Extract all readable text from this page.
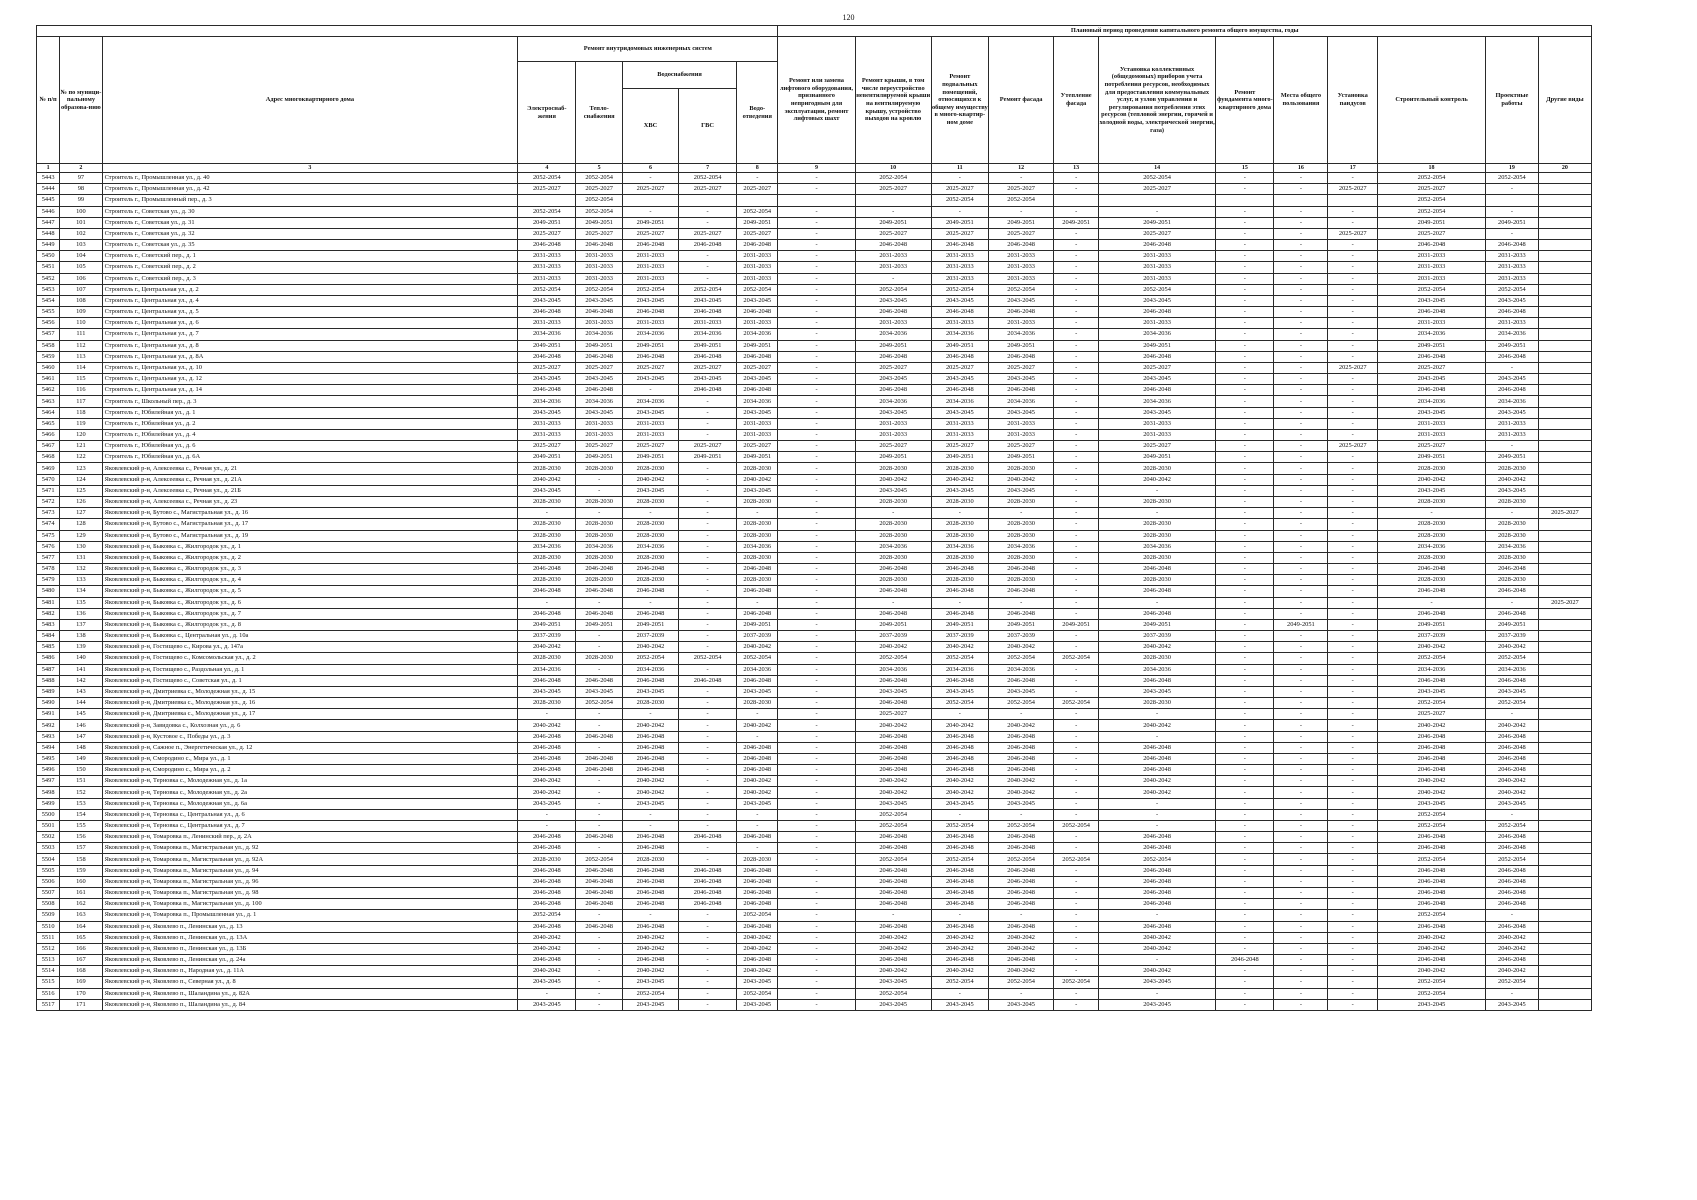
120
								Плановый период проведения капитального ремонта общего имущества, годы											
№ п/п	№ по муници-пальному образова-нию	Адрес многоквартирного дома	Ремонт внутридомовых инженерных систем					Ремонт или замена лифтового оборудования, признанного непригодным для эксплуатации, ремонт лифтовых шахт	Ремонт крыши, в том числе переустройство невентилируемой крыши на вентилируемую крышу, устройство выходов на кровлю	Ремонт подвальных помещений, относящихся к общему имуществу в много-квартир-ном доме	Ремонт фасада	Утепление фасада	Установка коллективных (общедомовых) приборов учета потребления ресурсов, необходимых для предоставления коммунальных услуг, и узлов управления и регулирования потребления этих ресурсов (тепловой энергии, горячей и холодной воды, электрической энергии, газа)	Ремонт фундамента много-квартирного дома	Места общего пользования	Установка пандусов	Строительный контроль	Проектные работы	Другие виды
			Электроснаб-жения	Тепло-снабжения	Водоснабжения		Водо-отведения												
					ХВС	ГВС													
1	2	3	4	5	6	7	8	9	10	11	12	13	14	15	16	17	18	19	20
5443	97	Строитель г., Промышленная ул., д. 40	2052-2054	2052-2054	-	2052-2054	-	-	2052-2054	-	-	-	2052-2054	-	-	-	2052-2054	2052-2054	
5444	98	Строитель г., Промышленная ул., д. 42	2025-2027	2025-2027	2025-2027	2025-2027	2025-2027	-	2025-2027	2025-2027	2025-2027	-	2025-2027	-	-	2025-2027	2025-2027	-	
5445	99	Строитель г., Промышленный пер., д. 3		2052-2054						2052-2054	2052-2054						2052-2054		
5446	100	Строитель г., Советская ул., д. 30	2052-2054	2052-2054	-	-	2052-2054	-	-	-	-	-	-	-	-	-	2052-2054	-	
5447	101	Строитель г., Советская ул., д. 31	2049-2051	2049-2051	2049-2051	-	2049-2051	-	2049-2051	2049-2051	2049-2051	2049-2051	2049-2051	-	-	-	2049-2051	2049-2051	
5448	102	Строитель г., Советская ул., д. 32	2025-2027	2025-2027	2025-2027	2025-2027	2025-2027	-	2025-2027	2025-2027	2025-2027	-	2025-2027	-	-	2025-2027	2025-2027	-	
5449	103	Строитель г., Советская ул., д. 35	2046-2048	2046-2048	2046-2048	2046-2048	2046-2048	-	2046-2048	2046-2048	2046-2048	-	2046-2048	-	-	-	2046-2048	2046-2048	
5450	104	Строитель г., Советский пер., д. 1	2031-2033	2031-2033	2031-2033	-	2031-2033	-	2031-2033	2031-2033	2031-2033	-	2031-2033	-	-	-	2031-2033	2031-2033	
5451	105	Строитель г., Советский пер., д. 2	2031-2033	2031-2033	2031-2033	-	2031-2033	-	2031-2033	2031-2033	2031-2033	-	2031-2033	-	-	-	2031-2033	2031-2033	
5452	106	Строитель г., Советский пер., д. 3	2031-2033	2031-2033	2031-2033	-	2031-2033	-	-	2031-2033	2031-2033	-	2031-2033	-	-	-	2031-2033	2031-2033	
5453	107	Строитель г., Центральная ул., д. 2	2052-2054	2052-2054	2052-2054	2052-2054	2052-2054	-	2052-2054	2052-2054	2052-2054	-	2052-2054	-	-	-	2052-2054	2052-2054	
5454	108	Строитель г., Центральная ул., д. 4	2043-2045	2043-2045	2043-2045	2043-2045	2043-2045	-	2043-2045	2043-2045	2043-2045	-	2043-2045	-	-	-	2043-2045	2043-2045	
5455	109	Строитель г., Центральная ул., д. 5	2046-2048	2046-2048	2046-2048	2046-2048	2046-2048	-	2046-2048	2046-2048	2046-2048	-	2046-2048	-	-	-	2046-2048	2046-2048	
5456	110	Строитель г., Центральная ул., д. 6	2031-2033	2031-2033	2031-2033	2031-2033	2031-2033	-	2031-2033	2031-2033	2031-2033	-	2031-2033	-	-	-	2031-2033	2031-2033	
5457	111	Строитель г., Центральная ул., д. 7	2034-2036	2034-2036	2034-2036	2034-2036	2034-2036	-	2034-2036	2034-2036	2034-2036	-	2034-2036	-	-	-	2034-2036	2034-2036	
5458	112	Строитель г., Центральная ул., д. 8	2049-2051	2049-2051	2049-2051	2049-2051	2049-2051	-	2049-2051	2049-2051	2049-2051	-	2049-2051	-	-	-	2049-2051	2049-2051	
5459	113	Строитель г., Центральная ул., д. 8А	2046-2048	2046-2048	2046-2048	2046-2048	2046-2048	-	2046-2048	2046-2048	2046-2048	-	2046-2048	-	-	-	2046-2048	2046-2048	
5460	114	Строитель г., Центральная ул., д. 10	2025-2027	2025-2027	2025-2027	2025-2027	2025-2027	-	2025-2027	2025-2027	2025-2027	-	2025-2027	-	-	2025-2027	2025-2027	-	
5461	115	Строитель г., Центральная ул., д. 12	2043-2045	2043-2045	2043-2045	2043-2045	2043-2045	-	2043-2045	2043-2045	2043-2045	-	2043-2045	-	-	-	2043-2045	2043-2045	
5462	116	Строитель г., Центральная ул., д. 14	2046-2048	2046-2048	-	2046-2048	2046-2048	-	2046-2048	2046-2048	2046-2048	-	2046-2048	-	-	-	2046-2048	2046-2048	
5463	117	Строитель г., Школьный пер., д. 3	2034-2036	2034-2036	2034-2036	-	2034-2036	-	2034-2036	2034-2036	2034-2036	-	2034-2036	-	-	-	2034-2036	2034-2036	
5464	118	Строитель г., Юбилейная ул., д. 1	2043-2045	2043-2045	2043-2045	-	2043-2045	-	2043-2045	2043-2045	2043-2045	-	2043-2045	-	-	-	2043-2045	2043-2045	
5465	119	Строитель г., Юбилейная ул., д. 2	2031-2033	2031-2033	2031-2033	-	2031-2033	-	2031-2033	2031-2033	2031-2033	-	2031-2033	-	-	-	2031-2033	2031-2033	
5466	120	Строитель г., Юбилейная ул., д. 4	2031-2033	2031-2033	2031-2033	-	2031-2033	-	2031-2033	2031-2033	2031-2033	-	2031-2033	-	-	-	2031-2033	2031-2033	
5467	121	Строитель г., Юбилейная ул., д. 6	2025-2027	2025-2027	2025-2027	2025-2027	2025-2027	-	2025-2027	2025-2027	2025-2027	-	2025-2027	-	-	2025-2027	2025-2027	-	
5468	122	Строитель г., Юбилейная ул., д. 6А	2049-2051	2049-2051	2049-2051	2049-2051	2049-2051	-	2049-2051	2049-2051	2049-2051	-	2049-2051	-	-	-	2049-2051	2049-2051	
5469	123	Яковлевский р-н, Алексеевка с., Речная ул., д. 21	2028-2030	2028-2030	2028-2030	-	2028-2030	-	2028-2030	2028-2030	2028-2030	-	2028-2030	-	-	-	2028-2030	2028-2030	
5470	124	Яковлевский р-н, Алексеевка с., Речная ул., д. 21А	2040-2042	-	2040-2042	-	2040-2042	-	2040-2042	2040-2042	2040-2042	-	2040-2042	-	-	-	2040-2042	2040-2042	
5471	125	Яковлевский р-н, Алексеевка с., Речная ул., д. 21Б	2043-2045	-	2043-2045	-	2043-2045	-	2043-2045	2043-2045	2043-2045	-	-	-	-	-	2043-2045	2043-2045	
5472	126	Яковлевский р-н, Алексеевка с., Речная ул., д. 23	2028-2030	2028-2030	2028-2030	-	2028-2030	-	2028-2030	2028-2030	2028-2030	-	2028-2030	-	-	-	2028-2030	2028-2030	
5473	127	Яковлевский р-н, Бутово с., Магистральная ул., д. 16	-	-	-	-	-	-	-	-	-	-	-	-	-	-	-	-	2025-2027
5474	128	Яковлевский р-н, Бутово с., Магистральная ул., д. 17	2028-2030	2028-2030	2028-2030	-	2028-2030	-	2028-2030	2028-2030	2028-2030	-	2028-2030	-	-	-	2028-2030	2028-2030	
5475	129	Яковлевский р-н, Бутово с., Магистральная ул., д. 19	2028-2030	2028-2030	2028-2030	-	2028-2030	-	2028-2030	2028-2030	2028-2030	-	2028-2030	-	-	-	2028-2030	2028-2030	
5476	130	Яковлевский р-н, Быковка с., Жилгородок ул., д. 1	2034-2036	2034-2036	2034-2036	-	2034-2036	-	2034-2036	2034-2036	2034-2036	-	2034-2036	-	-	-	2034-2036	2034-2036	
5477	131	Яковлевский р-н, Быковка с., Жилгородок ул., д. 2	2028-2030	2028-2030	2028-2030	-	2028-2030	-	2028-2030	2028-2030	2028-2030	-	2028-2030	-	-	-	2028-2030	2028-2030	
5478	132	Яковлевский р-н, Быковка с., Жилгородок ул., д. 3	2046-2048	2046-2048	2046-2048	-	2046-2048	-	2046-2048	2046-2048	2046-2048	-	2046-2048	-	-	-	2046-2048	2046-2048	
5479	133	Яковлевский р-н, Быковка с., Жилгородок ул., д. 4	2028-2030	2028-2030	2028-2030	-	2028-2030	-	2028-2030	2028-2030	2028-2030	-	2028-2030	-	-	-	2028-2030	2028-2030	
5480	134	Яковлевский р-н, Быковка с., Жилгородок ул., д. 5	2046-2048	2046-2048	2046-2048	-	2046-2048	-	2046-2048	2046-2048	2046-2048	-	2046-2048	-	-	-	2046-2048	2046-2048	
5481	135	Яковлевский р-н, Быковка с., Жилгородок ул., д. 6	-	-	-	-	-	-	-	-	-	-	-	-	-	-	-	-	2025-2027
5482	136	Яковлевский р-н, Быковка с., Жилгородок ул., д. 7	2046-2048	2046-2048	2046-2048	-	2046-2048	-	2046-2048	2046-2048	2046-2048	-	2046-2048	-	-	-	2046-2048	2046-2048	
5483	137	Яковлевский р-н, Быковка с., Жилгородок ул., д. 8	2049-2051	2049-2051	2049-2051	-	2049-2051	-	2049-2051	2049-2051	2049-2051	2049-2051	2049-2051	-	2049-2051	-	2049-2051	2049-2051	
5484	138	Яковлевский р-н, Быковка с., Центральная ул., д. 10а	2037-2039	-	2037-2039	-	2037-2039	-	2037-2039	2037-2039	2037-2039	-	2037-2039	-	-	-	2037-2039	2037-2039	
5485	139	Яковлевский р-н, Гостищево с., Кирова ул., д. 147а	2040-2042	-	2040-2042	-	2040-2042	-	2040-2042	2040-2042	2040-2042	-	2040-2042	-	-	-	2040-2042	2040-2042	
5486	140	Яковлевский р-н, Гостищево с., Комсомольская ул., д. 2	2028-2030	2028-2030	2052-2054	2052-2054	2052-2054	-	2052-2054	2052-2054	2052-2054	2052-2054	2028-2030	-	-	-	2052-2054	2052-2054	
5487	141	Яковлевский р-н, Гостищево с., Раздольная ул., д. 1	2034-2036	-	2034-2036	-	2034-2036	-	2034-2036	2034-2036	2034-2036	-	2034-2036	-	-	-	2034-2036	2034-2036	
5488	142	Яковлевский р-н, Гостищево с., Советская ул., д. 1	2046-2048	2046-2048	2046-2048	2046-2048	2046-2048	-	2046-2048	2046-2048	2046-2048	-	2046-2048	-	-	-	2046-2048	2046-2048	
5489	143	Яковлевский р-н, Дмитриевка с., Молодежная ул., д. 15	2043-2045	2043-2045	2043-2045	-	2043-2045	-	2043-2045	2043-2045	2043-2045	-	2043-2045	-	-	-	2043-2045	2043-2045	
5490	144	Яковлевский р-н, Дмитриевка с., Молодежная ул., д. 16	2028-2030	2052-2054	2028-2030	-	2028-2030	-	2046-2048	2052-2054	2052-2054	2052-2054	2028-2030	-	-	-	2052-2054	2052-2054	
5491	145	Яковлевский р-н, Дмитриевка с., Молодежная ул., д. 17	-	-	-	-	-	-	2025-2027	-	-	-	-	-	-	-	2025-2027	-	
5492	146	Яковлевский р-н, Завидовка с., Колхозная ул., д. 6	2040-2042	-	2040-2042	-	2040-2042	-	2040-2042	2040-2042	2040-2042	-	2040-2042	-	-	-	2040-2042	2040-2042	
5493	147	Яковлевский р-н, Кустовое с., Победы ул., д. 3	2046-2048	2046-2048	2046-2048	-	-	-	2046-2048	2046-2048	2046-2048	-	-	-	-	-	2046-2048	2046-2048	
5494	148	Яковлевский р-н, Сажное п., Энергетическая ул., д. 12	2046-2048	-	2046-2048	-	2046-2048	-	2046-2048	2046-2048	2046-2048	-	2046-2048	-	-	-	2046-2048	2046-2048	
5495	149	Яковлевский р-н, Смородино с., Мира ул., д. 1	2046-2048	2046-2048	2046-2048	-	2046-2048	-	2046-2048	2046-2048	2046-2048	-	2046-2048	-	-	-	2046-2048	2046-2048	
5496	150	Яковлевский р-н, Смородино с., Мира ул., д. 2	2046-2048	2046-2048	2046-2048	-	2046-2048	-	2046-2048	2046-2048	2046-2048	-	2046-2048	-	-	-	2046-2048	2046-2048	
5497	151	Яковлевский р-н, Терновка с., Молодежная ул., д. 1а	2040-2042	-	2040-2042	-	2040-2042	-	2040-2042	2040-2042	2040-2042	-	2040-2042	-	-	-	2040-2042	2040-2042	
5498	152	Яковлевский р-н, Терновка с., Молодежная ул., д. 2а	2040-2042	-	2040-2042	-	2040-2042	-	2040-2042	2040-2042	2040-2042	-	2040-2042	-	-	-	2040-2042	2040-2042	
5499	153	Яковлевский р-н, Терновка с., Молодежная ул., д. 6а	2043-2045	-	2043-2045	-	2043-2045	-	2043-2045	2043-2045	2043-2045	-	-	-	-	-	2043-2045	2043-2045	
5500	154	Яковлевский р-н, Терновка с., Центральная ул., д. 6	-	-	-	-	-	-	2052-2054	-	-	-	-	-	-	-	2052-2054	-	
5501	155	Яковлевский р-н, Терновка с., Центральная ул., д. 7	-	-	-	-	-	-	2052-2054	2052-2054	2052-2054	2052-2054	-	-	-	-	2052-2054	2052-2054	
5502	156	Яковлевский р-н, Томаровка п., Ленинский пер., д. 2А	2046-2048	2046-2048	2046-2048	2046-2048	2046-2048	-	2046-2048	2046-2048	2046-2048	-	2046-2048	-	-	-	2046-2048	2046-2048	
5503	157	Яковлевский р-н, Томаровка п., Магистральная ул., д. 92	2046-2048	-	2046-2048	-	-	-	2046-2048	2046-2048	2046-2048	-	2046-2048	-	-	-	2046-2048	2046-2048	
5504	158	Яковлевский р-н, Томаровка п., Магистральная ул., д. 92А	2028-2030	2052-2054	2028-2030	-	2028-2030	-	2052-2054	2052-2054	2052-2054	2052-2054	2052-2054	-	-	-	2052-2054	2052-2054	
5505	159	Яковлевский р-н, Томаровка п., Магистральная ул., д. 94	2046-2048	2046-2048	2046-2048	2046-2048	2046-2048	-	2046-2048	2046-2048	2046-2048	-	2046-2048	-	-	-	2046-2048	2046-2048	
5506	160	Яковлевский р-н, Томаровка п., Магистральная ул., д. 96	2046-2048	2046-2048	2046-2048	2046-2048	2046-2048	-	2046-2048	2046-2048	2046-2048	-	2046-2048	-	-	-	2046-2048	2046-2048	
5507	161	Яковлевский р-н, Томаровка п., Магистральная ул., д. 98	2046-2048	2046-2048	2046-2048	2046-2048	2046-2048	-	2046-2048	2046-2048	2046-2048	-	2046-2048	-	-	-	2046-2048	2046-2048	
5508	162	Яковлевский р-н, Томаровка п., Магистральная ул., д. 100	2046-2048	2046-2048	2046-2048	2046-2048	2046-2048	-	2046-2048	2046-2048	2046-2048	-	2046-2048	-	-	-	2046-2048	2046-2048	
5509	163	Яковлевский р-н, Томаровка п., Промышленная ул., д. 1	2052-2054	-	-	-	2052-2054	-	-	-	-	-	-	-	-	-	2052-2054	-	
5510	164	Яковлевский р-н, Яковлево п., Ленинская ул., д. 13	2046-2048	2046-2048	2046-2048	-	2046-2048	-	2046-2048	2046-2048	2046-2048	-	2046-2048	-	-	-	2046-2048	2046-2048	
5511	165	Яковлевский р-н, Яковлево п., Ленинская ул., д. 13А	2040-2042	-	2040-2042	-	2040-2042	-	2040-2042	2040-2042	2040-2042	-	2040-2042	-	-	-	2040-2042	2040-2042	
5512	166	Яковлевский р-н, Яковлево п., Ленинская ул., д. 13Б	2040-2042	-	2040-2042	-	2040-2042	-	2040-2042	2040-2042	2040-2042	-	2040-2042	-	-	-	2040-2042	2040-2042	
5513	167	Яковлевский р-н, Яковлево п., Ленинская ул., д. 24а	2046-2048	-	2046-2048	-	2046-2048	-	2046-2048	2046-2048	2046-2048	-	-	2046-2048	-	-	2046-2048	2046-2048	
5514	168	Яковлевский р-н, Яковлево п., Народная ул., д. 11А	2040-2042	-	2040-2042	-	2040-2042	-	2040-2042	2040-2042	2040-2042	-	2040-2042	-	-	-	2040-2042	2040-2042	
5515	169	Яковлевский р-н, Яковлево п., Северная ул., д. 8	2043-2045	-	2043-2045	-	2043-2045	-	2043-2045	2052-2054	2052-2054	2052-2054	2043-2045	-	-	-	2052-2054	2052-2054	
5516	170	Яковлевский р-н, Яковлево п., Шаландина ул., д. 82А	-	-	2052-2054	-	2052-2054	-	2052-2054	-	-	-	-	-	-	-	2052-2054	-	
5517	171	Яковлевский р-н, Яковлево п., Шаландина ул., д. 84	2043-2045	-	2043-2045	-	2043-2045	-	2043-2045	2043-2045	2043-2045	-	2043-2045	-	-	-	2043-2045	2043-2045	
